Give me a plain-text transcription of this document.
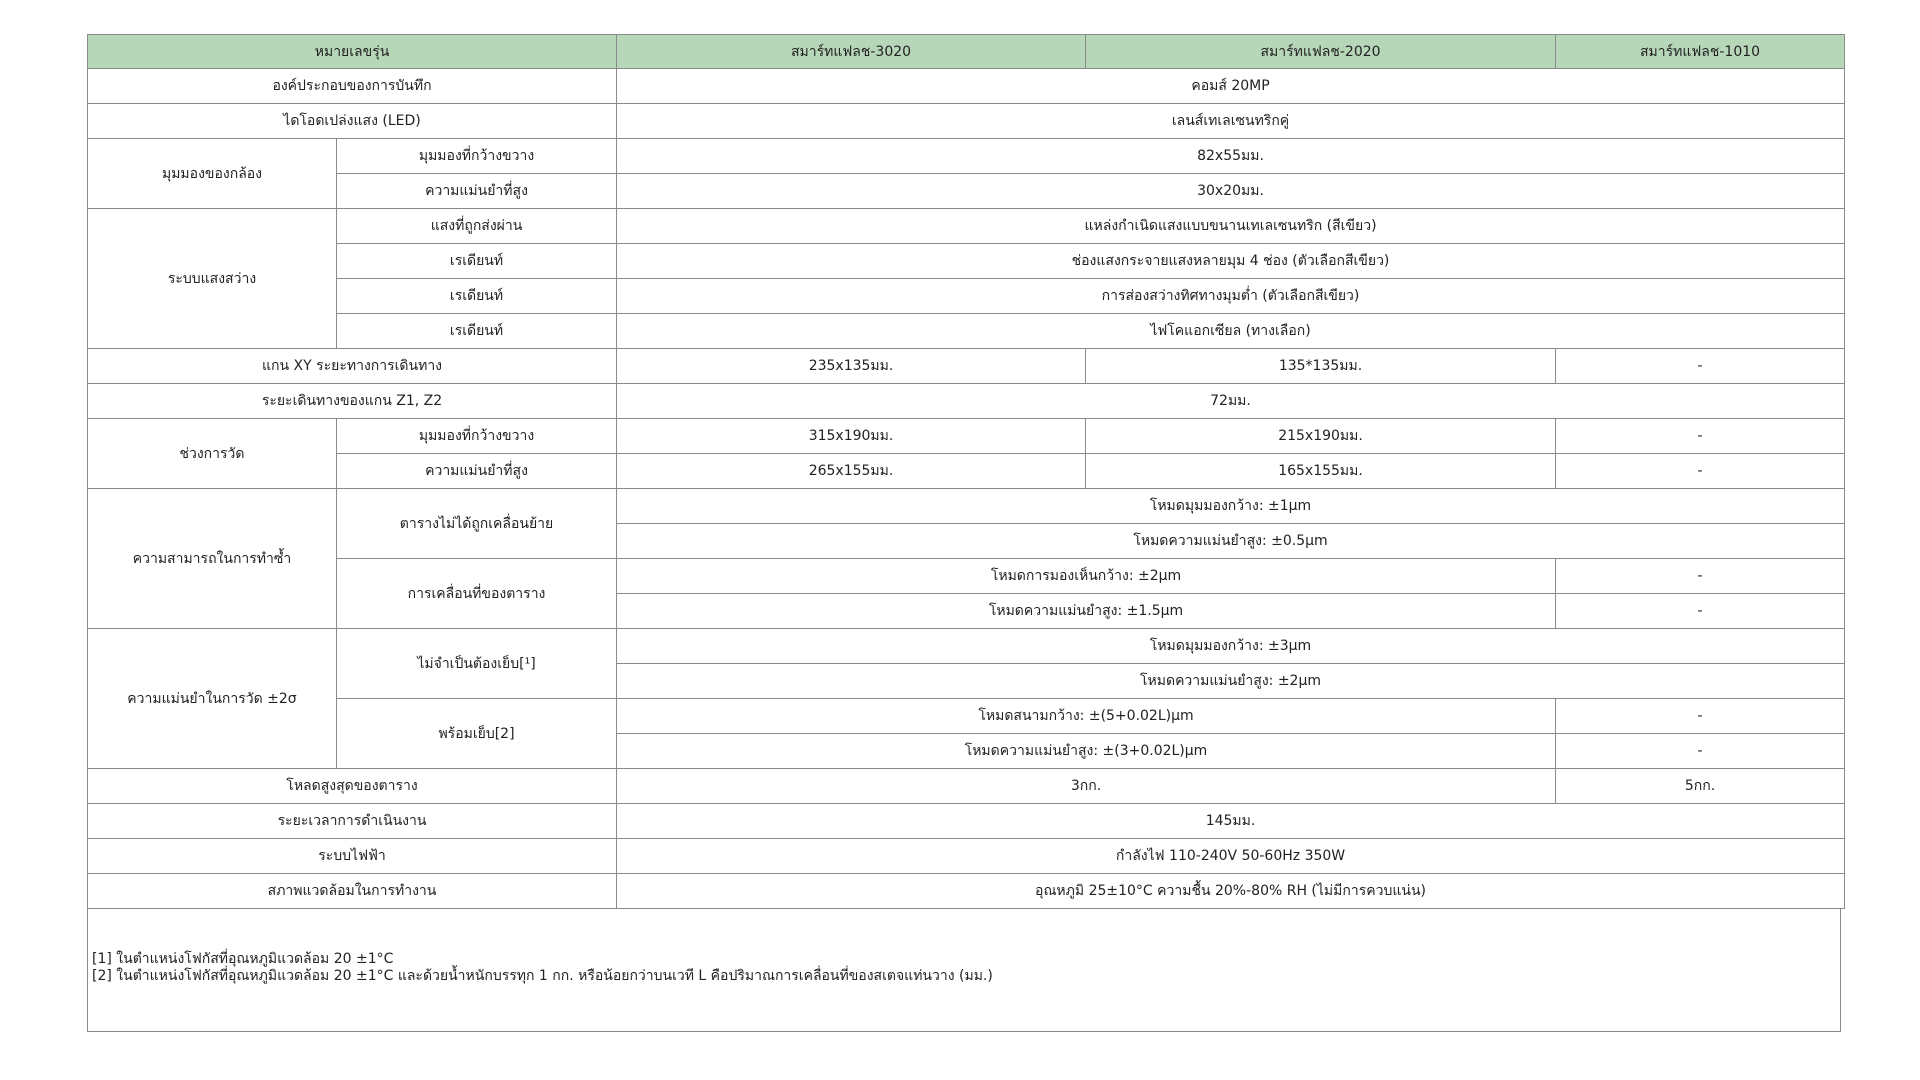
หมายเลขรุ่น		สมาร์ทแฟลช-3020	สมาร์ทแฟลช-2020	สมาร์ทแฟลช-1010
องค์ประกอบของการบันทึก		คอมส์ 20MP		
ไดโอดเปล่งแสง (LED)		เลนส์เทเลเซนทริกคู่		
มุมมองของกล้อง	มุมมองที่กว้างขวาง	82x55มม.		
	ความแม่นยำที่สูง	30x20มม.		
ระบบแสงสว่าง	แสงที่ถูกส่งผ่าน	แหล่งกำเนิดแสงแบบขนานเทเลเซนทริก (สีเขียว)		
	เรเดียนท์	ช่องแสงกระจายแสงหลายมุม 4 ช่อง (ตัวเลือกสีเขียว)		
	เรเดียนท์	การส่องสว่างทิศทางมุมต่ำ (ตัวเลือกสีเขียว)		
	เรเดียนท์	ไฟโคแอกเซียล (ทางเลือก)		
แกน XY ระยะทางการเดินทาง		235x135มม.	135*135มม.	-
ระยะเดินทางของแกน Z1, Z2		72มม.		
ช่วงการวัด	มุมมองที่กว้างขวาง	315x190มม.	215x190มม.	-
	ความแม่นยำที่สูง	265x155มม.	165x155มม.	-
ความสามารถในการทำซ้ำ	ตารางไม่ได้ถูกเคลื่อนย้าย	โหมดมุมมองกว้าง: ±1μm		
		โหมดความแม่นยำสูง: ±0.5μm		
	การเคลื่อนที่ของตาราง	โหมดการมองเห็นกว้าง: ±2μm		-
		โหมดความแม่นยำสูง: ±1.5μm		-
ความแม่นยำในการวัด ±2σ	ไม่จำเป็นต้องเย็บ[¹]	โหมดมุมมองกว้าง: ±3μm		
		โหมดความแม่นยำสูง: ±2μm		
	พร้อมเย็บ[2]	โหมดสนามกว้าง: ±(5+0.02L)μm		-
		โหมดความแม่นยำสูง: ±(3+0.02L)μm		-
โหลดสูงสุดของตาราง		3กก.		5กก.
ระยะเวลาการดำเนินงาน		145มม.		
ระบบไฟฟ้า		กำลังไฟ 110-240V 50-60Hz 350W		
สภาพแวดล้อมในการทำงาน		อุณหภูมิ 25±10°C ความชื้น 20%-80% RH (ไม่มีการควบแน่น)		
[1] ในตำแหน่งโฟกัสที่อุณหภูมิแวดล้อม 20 ±1°C
[2] ในตำแหน่งโฟกัสที่อุณหภูมิแวดล้อม 20 ±1°C และด้วยน้ำหนักบรรทุก 1 กก. หรือน้อยกว่าบนเวที L คือปริมาณการเคลื่อนที่ของสเตจแท่นวาง (มม.)
